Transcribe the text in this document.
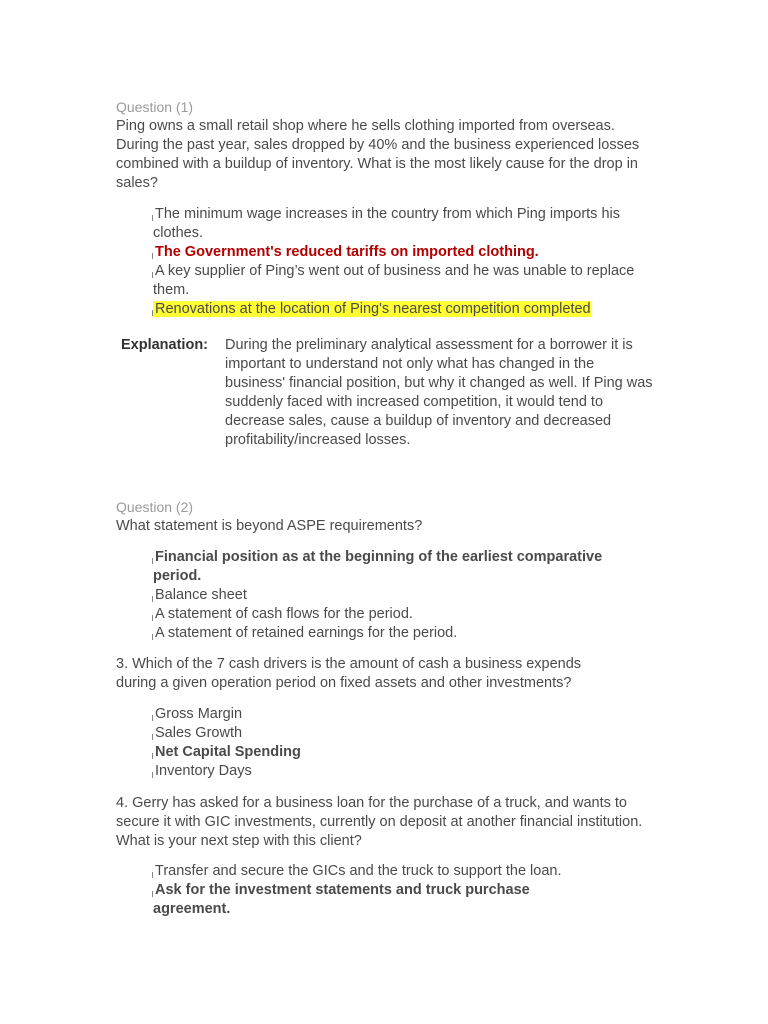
Question (1)
Ping owns a small retail shop where he sells clothing imported from overseas. During the past year, sales dropped by 40% and the business experienced losses combined with a buildup of inventory. What is the most likely cause for the drop in sales?
The minimum wage increases in the country from which Ping imports his clothes.
The Government's reduced tariffs on imported clothing.
A key supplier of Ping’s went out of business and he was unable to replace them.
Renovations at the location of Ping's nearest competition completed
Explanation:	During the preliminary analytical assessment for a borrower it is important to understand not only what has changed in the business' financial position, but why it changed as well. If Ping was suddenly faced with increased competition, it would tend to decrease sales, cause a buildup of inventory and decreased profitability/increased losses.
Question (2)
What statement is beyond ASPE requirements?
Financial position as at the beginning of the earliest comparative period.
Balance sheet
A statement of cash flows for the period.
A statement of retained earnings for the period.
3. Which of the 7 cash drivers is the amount of cash a business expends during a given operation period on fixed assets and other investments?
Gross Margin
Sales Growth
Net Capital Spending
Inventory Days
4. Gerry has asked for a business loan for the purchase of a truck, and wants to secure it with GIC investments, currently on deposit at another financial institution. What is your next step with this client?
Transfer and secure the GICs and the truck to support the loan.
Ask for the investment statements and truck purchase agreement.
